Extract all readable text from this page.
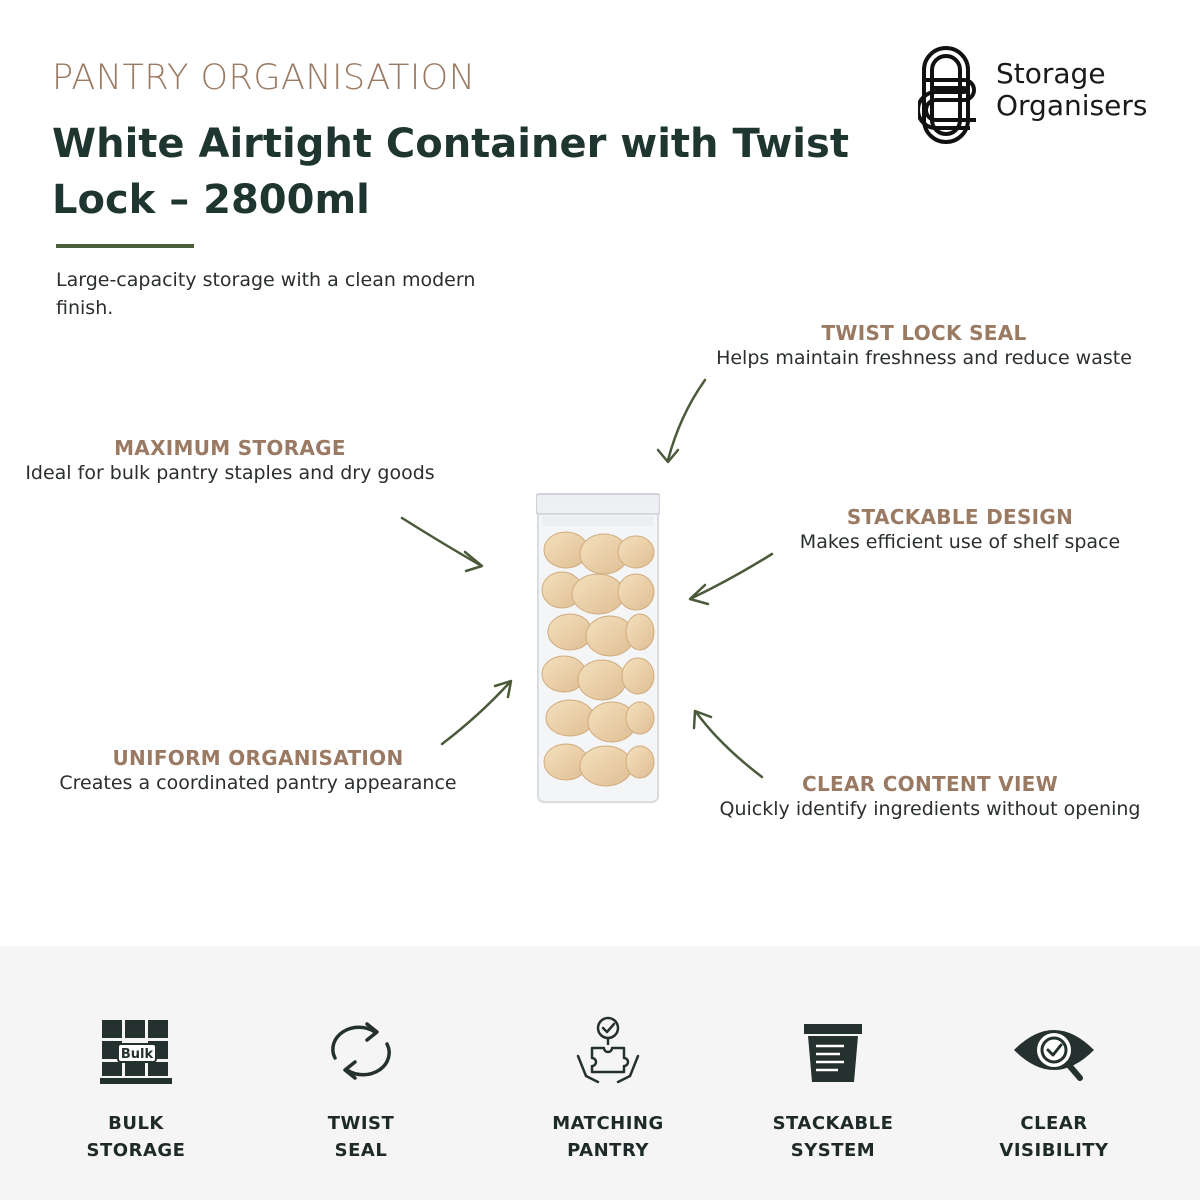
PANTRY ORGANISATION
White Airtight Container with Twist Lock – 2800ml
Large-capacity storage with a clean modern finish.
Storage
Organisers
TWIST LOCK SEAL
Helps maintain freshness and reduce waste
MAXIMUM STORAGE
Ideal for bulk pantry staples and dry goods
STACKABLE DESIGN
Makes efficient use of shelf space
UNIFORM ORGANISATION
Creates a coordinated pantry appearance	CLEAR CONTENT VIEW
Quickly identify ingredients without opening
Bulk
BULK
STORAGE
TWIST
SEAL
MATCHING
PANTRY
STACKABLE
SYSTEM
CLEAR
VISIBILITY
